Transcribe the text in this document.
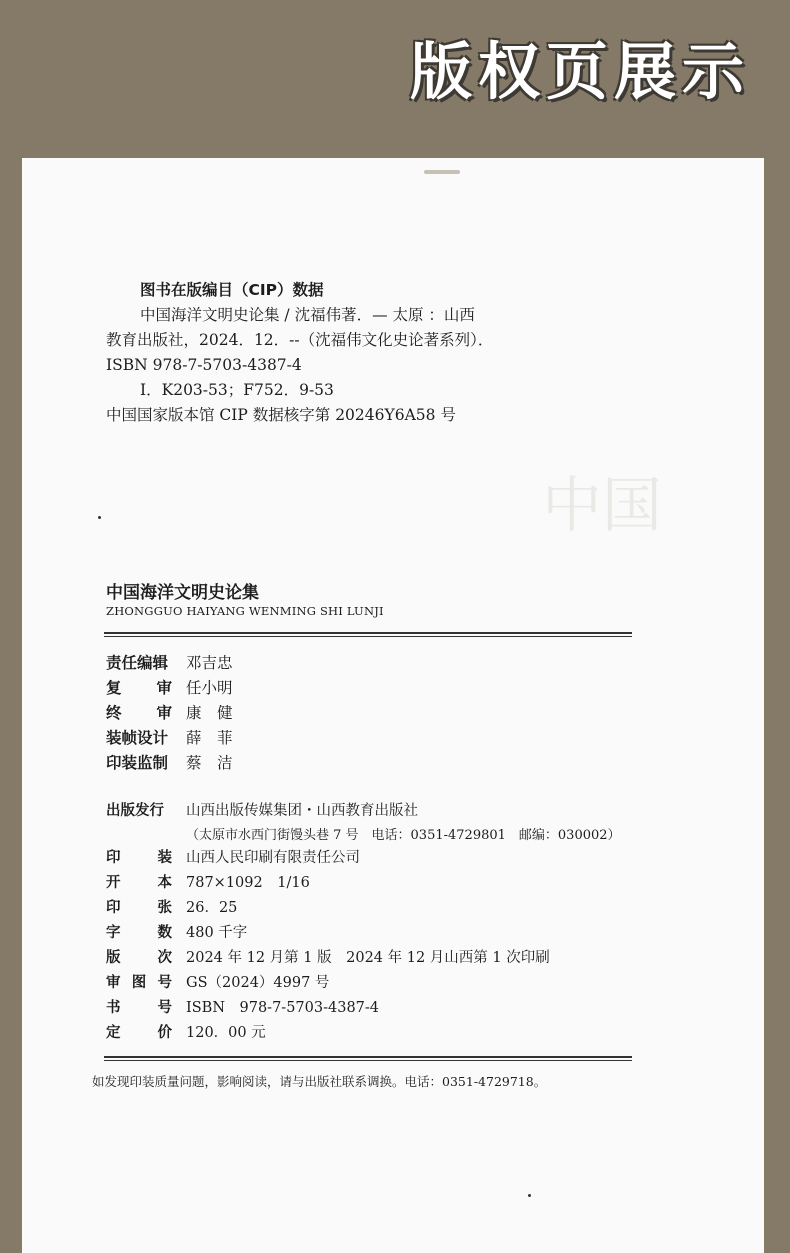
版权页展示
中国
图书在版编目（CIP）数据
中国海洋文明史论集 / 沈福伟著．— 太原 ：山西
教育出版社，2024．12．--（沈福伟文化史论著系列）．
ISBN 978-7-5703-4387-4
Ⅰ．K203-53；F752．9-53
中国国家版本馆 CIP 数据核字第 20246Y6A58 号
中国海洋文明史论集
ZHONGGUO HAIYANG WENMING SHI LUNJI
责任编辑 邓吉忠
复 审 任小明
终 审 康　健
装帧设计 薛　菲
印装监制 蔡　洁
出版发行 山西出版传媒集团・山西教育出版社
（太原市水西门街馒头巷 7 号　电话：0351-4729801　邮编：030002）
印	装 山西人民印刷有限责任公司
开	本 787×1092　1/16
印	张 26．25
字	数 480 千字
版	次 2024 年 12 月第 1 版　2024 年 12 月山西第 1 次印刷
审 图 号 GS（2024）4997 号
书	号 ISBN　978-7-5703-4387-4
定	价 120．00 元
如发现印装质量问题，影响阅读，请与出版社联系调换。电话：0351-4729718。
